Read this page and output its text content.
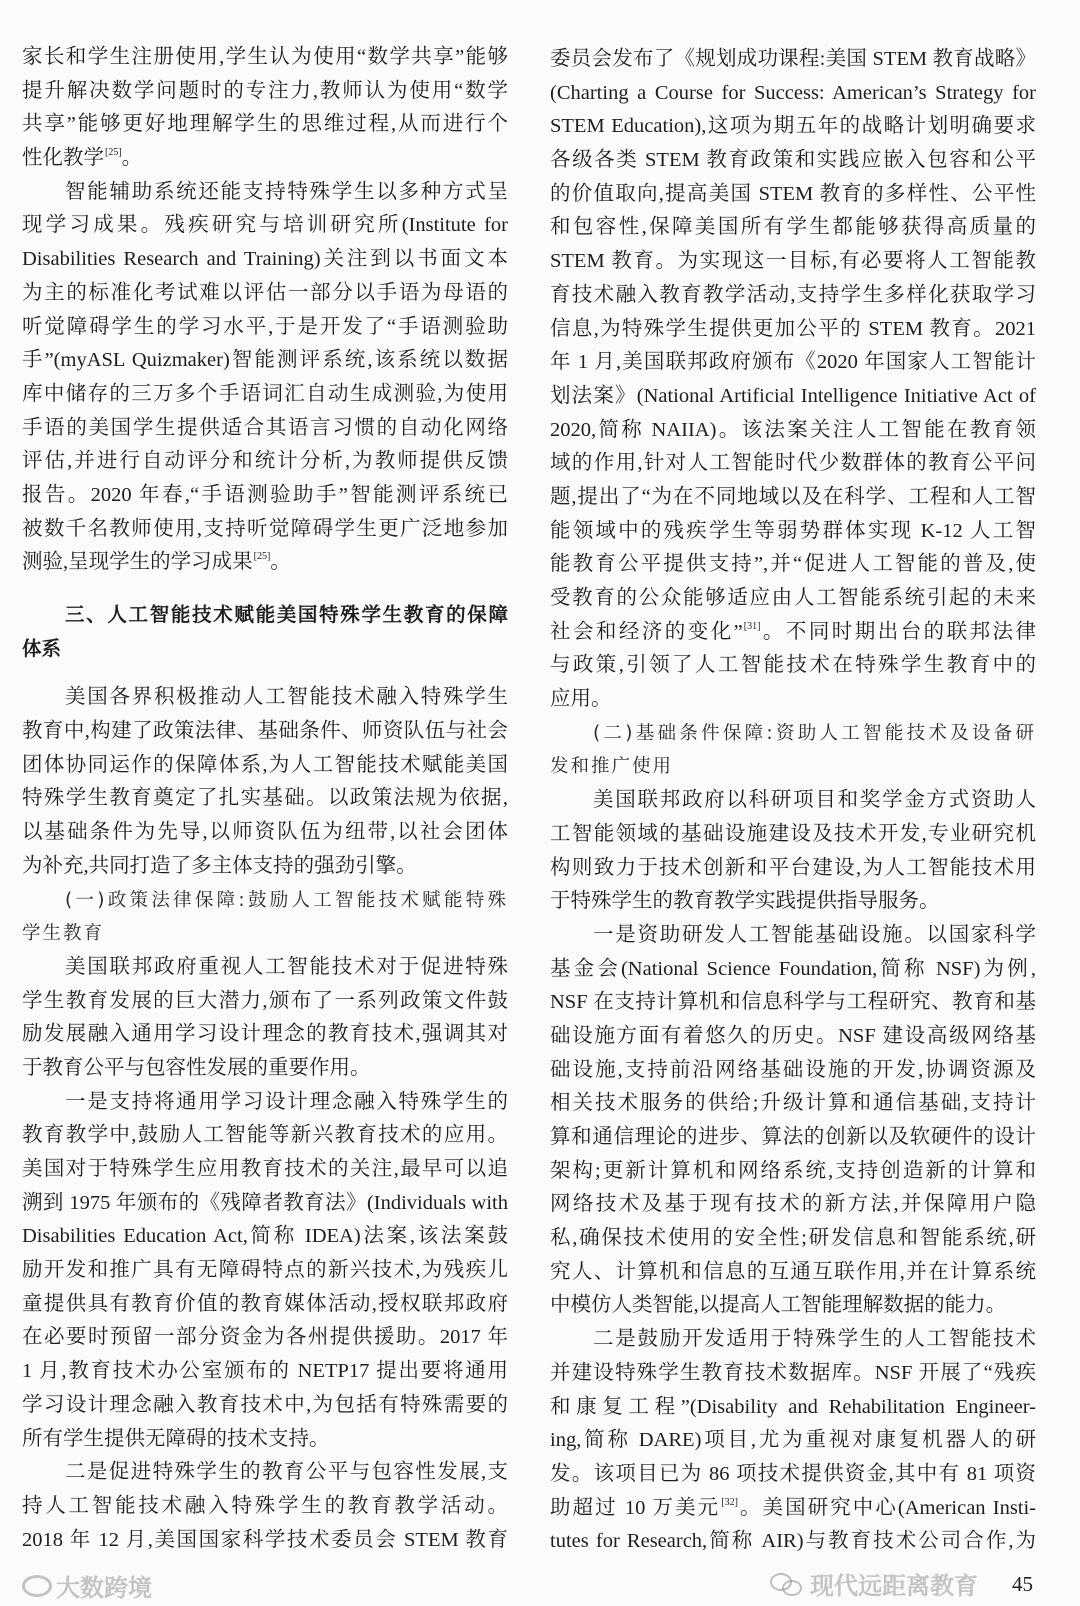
家长和学生注册使用,学生认为使用“数学共享”能够
提升解决数学问题时的专注力,教师认为使用“数学
共享”能够更好地理解学生的思维过程,从而进行个
性化教学[25]。
智能辅助系统还能支持特殊学生以多种方式呈
现学习成果。残疾研究与培训研究所(Institute for
Disabilities Research and Training)关注到以书面文本
为主的标准化考试难以评估一部分以手语为母语的
听觉障碍学生的学习水平,于是开发了“手语测验助
手”(myASL Quizmaker)智能测评系统,该系统以数据
库中储存的三万多个手语词汇自动生成测验,为使用
手语的美国学生提供适合其语言习惯的自动化网络
评估,并进行自动评分和统计分析,为教师提供反馈
报告。2020 年春,“手语测验助手”智能测评系统已
被数千名教师使用,支持听觉障碍学生更广泛地参加
测验,呈现学生的学习成果[25]。
三、人工智能技术赋能美国特殊学生教育的保障
体系
美国各界积极推动人工智能技术融入特殊学生
教育中,构建了政策法律、基础条件、师资队伍与社会
团体协同运作的保障体系,为人工智能技术赋能美国
特殊学生教育奠定了扎实基础。以政策法规为依据,
以基础条件为先导,以师资队伍为纽带,以社会团体
为补充,共同打造了多主体支持的强劲引擎。
(一)政策法律保障:鼓励人工智能技术赋能特殊
学生教育
美国联邦政府重视人工智能技术对于促进特殊
学生教育发展的巨大潜力,颁布了一系列政策文件鼓
励发展融入通用学习设计理念的教育技术,强调其对
于教育公平与包容性发展的重要作用。
一是支持将通用学习设计理念融入特殊学生的
教育教学中,鼓励人工智能等新兴教育技术的应用。
美国对于特殊学生应用教育技术的关注,最早可以追
溯到 1975 年颁布的《残障者教育法》(Individuals with
Disabilities Education Act,简称 IDEA)法案,该法案鼓
励开发和推广具有无障碍特点的新兴技术,为残疾儿
童提供具有教育价值的教育媒体活动,授权联邦政府
在必要时预留一部分资金为各州提供援助。2017 年
1 月,教育技术办公室颁布的 NETP17 提出要将通用
学习设计理念融入教育技术中,为包括有特殊需要的
所有学生提供无障碍的技术支持。
二是促进特殊学生的教育公平与包容性发展,支
持人工智能技术融入特殊学生的教育教学活动。
2018 年 12 月,美国国家科学技术委员会 STEM 教育
委员会发布了《规划成功课程:美国 STEM 教育战略》
(Charting a Course for Success: American’s Strategy for
STEM Education),这项为期五年的战略计划明确要求
各级各类 STEM 教育政策和实践应嵌入包容和公平
的价值取向,提高美国 STEM 教育的多样性、公平性
和包容性,保障美国所有学生都能够获得高质量的
STEM 教育。为实现这一目标,有必要将人工智能教
育技术融入教育教学活动,支持学生多样化获取学习
信息,为特殊学生提供更加公平的 STEM 教育。2021
年 1 月,美国联邦政府颁布《2020 年国家人工智能计
划法案》(National Artificial Intelligence Initiative Act of
2020,简称 NAIIA)。该法案关注人工智能在教育领
域的作用,针对人工智能时代少数群体的教育公平问
题,提出了“为在不同地域以及在科学、工程和人工智
能领域中的残疾学生等弱势群体实现 K-12 人工智
能教育公平提供支持”,并“促进人工智能的普及,使
受教育的公众能够适应由人工智能系统引起的未来
社会和经济的变化”[31]。不同时期出台的联邦法律
与政策,引领了人工智能技术在特殊学生教育中的
应用。
(二)基础条件保障:资助人工智能技术及设备研
发和推广使用
美国联邦政府以科研项目和奖学金方式资助人
工智能领域的基础设施建设及技术开发,专业研究机
构则致力于技术创新和平台建设,为人工智能技术用
于特殊学生的教育教学实践提供指导服务。
一是资助研发人工智能基础设施。以国家科学
基金会(National Science Foundation,简称 NSF)为例,
NSF 在支持计算机和信息科学与工程研究、教育和基
础设施方面有着悠久的历史。NSF 建设高级网络基
础设施,支持前沿网络基础设施的开发,协调资源及
相关技术服务的供给;升级计算和通信基础,支持计
算和通信理论的进步、算法的创新以及软硬件的设计
架构;更新计算机和网络系统,支持创造新的计算和
网络技术及基于现有技术的新方法,并保障用户隐
私,确保技术使用的安全性;研发信息和智能系统,研
究人、计算机和信息的互通互联作用,并在计算系统
中模仿人类智能,以提高人工智能理解数据的能力。
二是鼓励开发适用于特殊学生的人工智能技术
并建设特殊学生教育技术数据库。NSF 开展了“残疾
和康复工程”(Disability and Rehabilitation Engineer-
ing,简称 DARE)项目,尤为重视对康复机器人的研
发。该项目已为 86 项技术提供资金,其中有 81 项资
助超过 10 万美元[32]。美国研究中心(American Insti-
tutes for Research,简称 AIR)与教育技术公司合作,为
大数跨境	现代远距离教育 45
